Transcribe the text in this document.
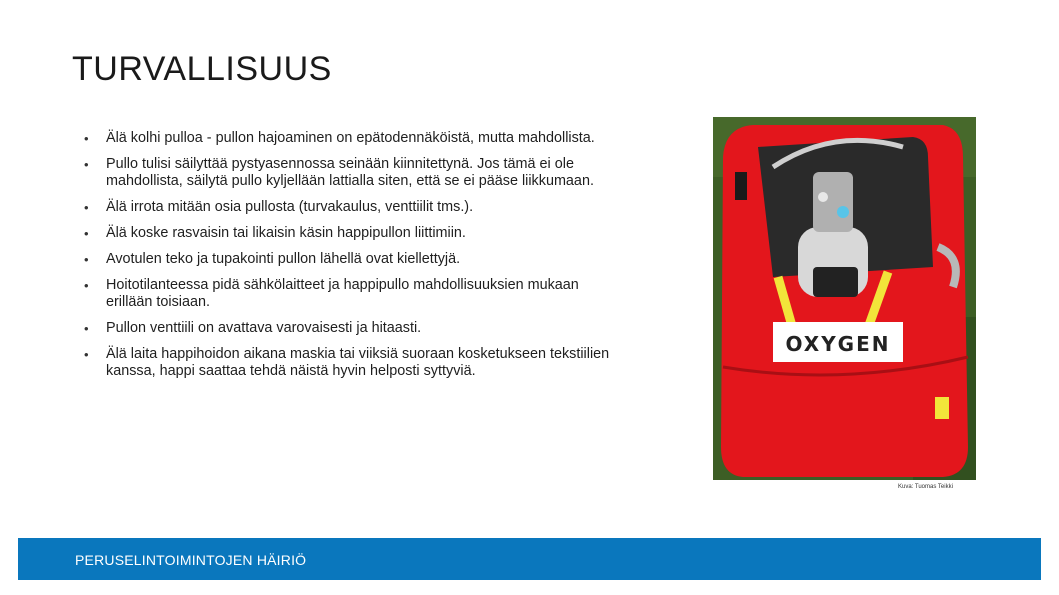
TURVALLISUUS
• Älä kolhi pulloa - pullon hajoaminen on epätodennäköistä, mutta mahdollista.
• Pullo tulisi säilyttää pystyasennossa seinään kiinnitettynä. Jos tämä ei ole mahdollista, säilytä pullo kyljellään lattialla siten, että se ei pääse liikkumaan.
• Älä irrota mitään osia pullosta (turvakaulus, venttiilit tms.).
• Älä koske rasvaisin tai likaisin käsin happipullon liittimiin.
• Avotulen teko ja tupakointi pullon lähellä ovat kiellettyjä.
• Hoitotilanteessa pidä sähkölaitteet ja happipullo mahdollisuuksien mukaan erillään toisiaan.
• Pullon venttiili on avattava varovaisesti ja hitaasti.
• Älä laita happihoidon aikana maskia tai viiksiä suoraan kosketukseen tekstiilien kanssa, happi saattaa tehdä näistä hyvin helposti syttyviä.
OXYGEN
Kuva: Tuomas Teikki
PERUSELINTOIMINTOJEN HÄIRIÖ
